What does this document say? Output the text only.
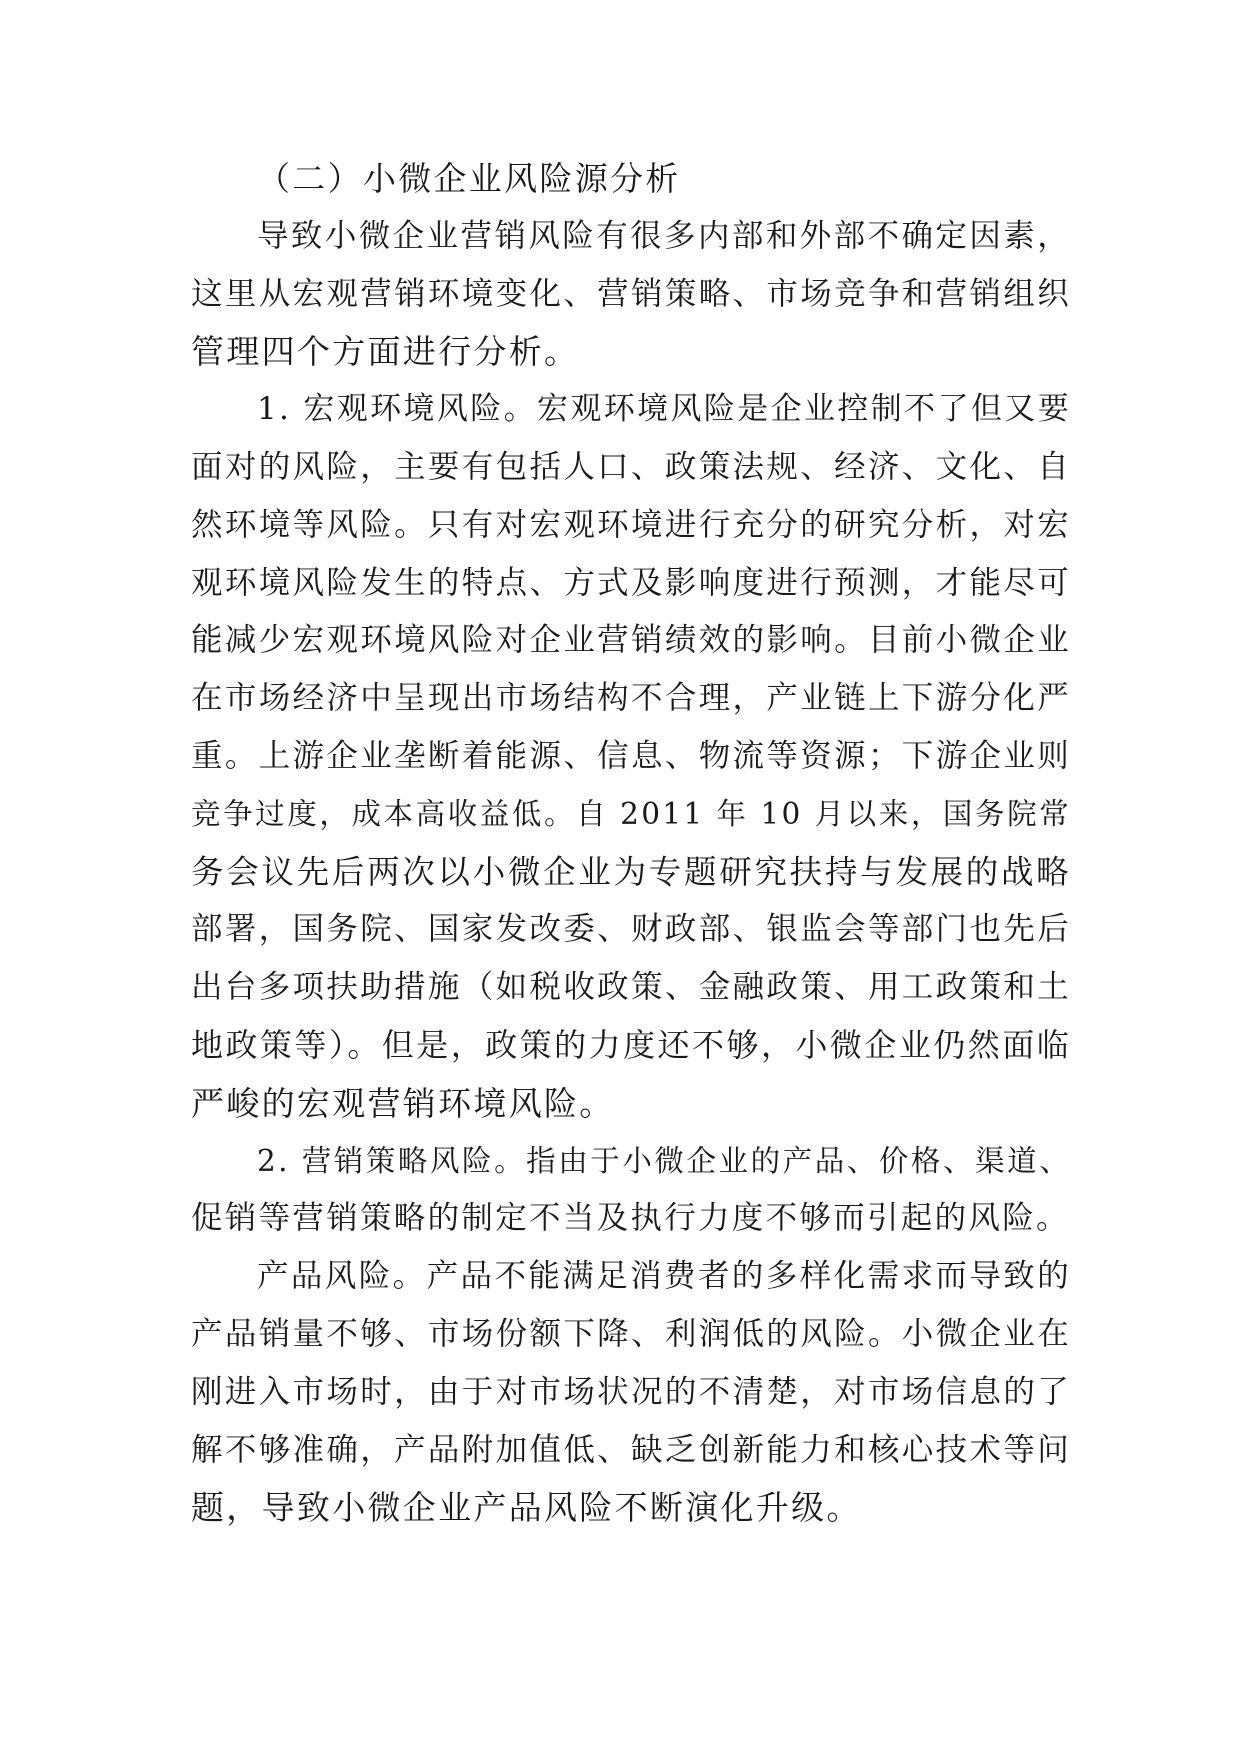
（二）小微企业风险源分析

导致小微企业营销风险有很多内部和外部不确定因素，
这里从宏观营销环境变化、营销策略、市场竞争和营销组织
管理四个方面进行分析。

1. 宏观环境风险。宏观环境风险是企业控制不了但又要
面对的风险，主要有包括人口、政策法规、经济、文化、自
然环境等风险。只有对宏观环境进行充分的研究分析，对宏
观环境风险发生的特点、方式及影响度进行预测，才能尽可
能减少宏观环境风险对企业营销绩效的影响。目前小微企业
在市场经济中呈现出市场结构不合理，产业链上下游分化严
重。上游企业垄断着能源、信息、物流等资源；下游企业则
竞争过度，成本高收益低。自 2011 年 10 月以来，国务院常
务会议先后两次以小微企业为专题研究扶持与发展的战略
部署，国务院、国家发改委、财政部、银监会等部门也先后
出台多项扶助措施（如税收政策、金融政策、用工政策和土
地政策等）。但是，政策的力度还不够，小微企业仍然面临
严峻的宏观营销环境风险。

2. 营销策略风险。指由于小微企业的产品、价格、渠道、
促销等营销策略的制定不当及执行力度不够而引起的风险。

产品风险。产品不能满足消费者的多样化需求而导致的
产品销量不够、市场份额下降、利润低的风险。小微企业在
刚进入市场时，由于对市场状况的不清楚，对市场信息的了
解不够准确，产品附加值低、缺乏创新能力和核心技术等问
题，导致小微企业产品风险不断演化升级。
